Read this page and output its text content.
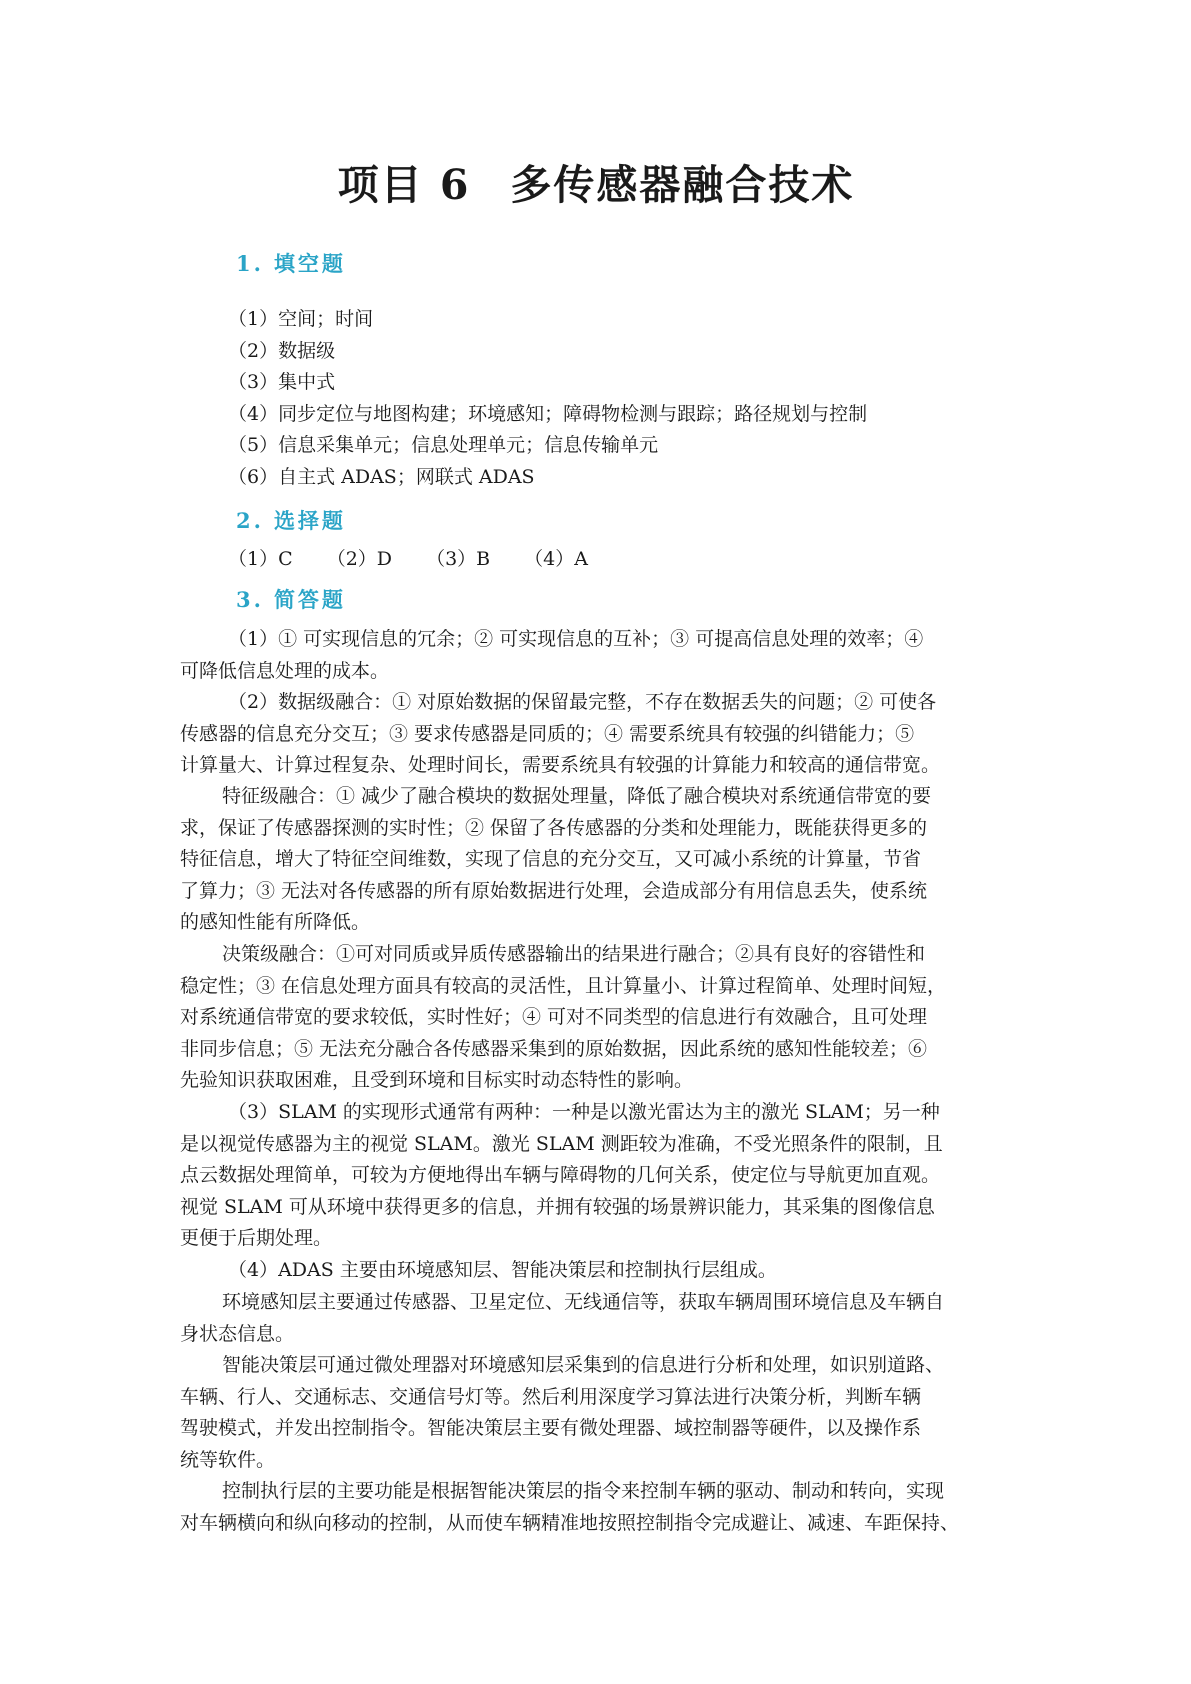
项目 6 多传感器融合技术
1. 填空题

（1）空间；时间

（2）数据级

（3）集中式

（4）同步定位与地图构建；环境感知；障碍物检测与跟踪；路径规划与控制

（5）信息采集单元；信息处理单元；信息传输单元

（6）自主式 ADAS；网联式 ADAS

2. 选择题
（1）C （2）D （3）B （4）A
3. 简答题
（1）① 可实现信息的冗余；② 可实现信息的互补；③ 可提高信息处理的效率；④
可降低信息处理的成本。
（2）数据级融合：① 对原始数据的保留最完整，不存在数据丢失的问题；② 可使各
传感器的信息充分交互；③ 要求传感器是同质的；④ 需要系统具有较强的纠错能力；⑤
计算量大、计算过程复杂、处理时间长，需要系统具有较强的计算能力和较高的通信带宽。
特征级融合：① 减少了融合模块的数据处理量，降低了融合模块对系统通信带宽的要
求，保证了传感器探测的实时性；② 保留了各传感器的分类和处理能力，既能获得更多的
特征信息，增大了特征空间维数，实现了信息的充分交互，又可减小系统的计算量，节省
了算力；③ 无法对各传感器的所有原始数据进行处理，会造成部分有用信息丢失，使系统
的感知性能有所降低。
决策级融合：①可对同质或异质传感器输出的结果进行融合；②具有良好的容错性和
稳定性；③ 在信息处理方面具有较高的灵活性，且计算量小、计算过程简单、处理时间短，
对系统通信带宽的要求较低，实时性好；④ 可对不同类型的信息进行有效融合，且可处理
非同步信息；⑤ 无法充分融合各传感器采集到的原始数据，因此系统的感知性能较差；⑥
先验知识获取困难，且受到环境和目标实时动态特性的影响。
（3）SLAM 的实现形式通常有两种：一种是以激光雷达为主的激光 SLAM；另一种
是以视觉传感器为主的视觉 SLAM。激光 SLAM 测距较为准确，不受光照条件的限制，且
点云数据处理简单，可较为方便地得出车辆与障碍物的几何关系，使定位与导航更加直观。
视觉 SLAM 可从环境中获得更多的信息，并拥有较强的场景辨识能力，其采集的图像信息
更便于后期处理。
（4）ADAS 主要由环境感知层、智能决策层和控制执行层组成。
环境感知层主要通过传感器、卫星定位、无线通信等，获取车辆周围环境信息及车辆自
身状态信息。
智能决策层可通过微处理器对环境感知层采集到的信息进行分析和处理，如识别道路、
车辆、行人、交通标志、交通信号灯等。然后利用深度学习算法进行决策分析，判断车辆
驾驶模式，并发出控制指令。智能决策层主要有微处理器、域控制器等硬件，以及操作系
统等软件。
控制执行层的主要功能是根据智能决策层的指令来控制车辆的驱动、制动和转向，实现
对车辆横向和纵向移动的控制，从而使车辆精准地按照控制指令完成避让、减速、车距保持、
